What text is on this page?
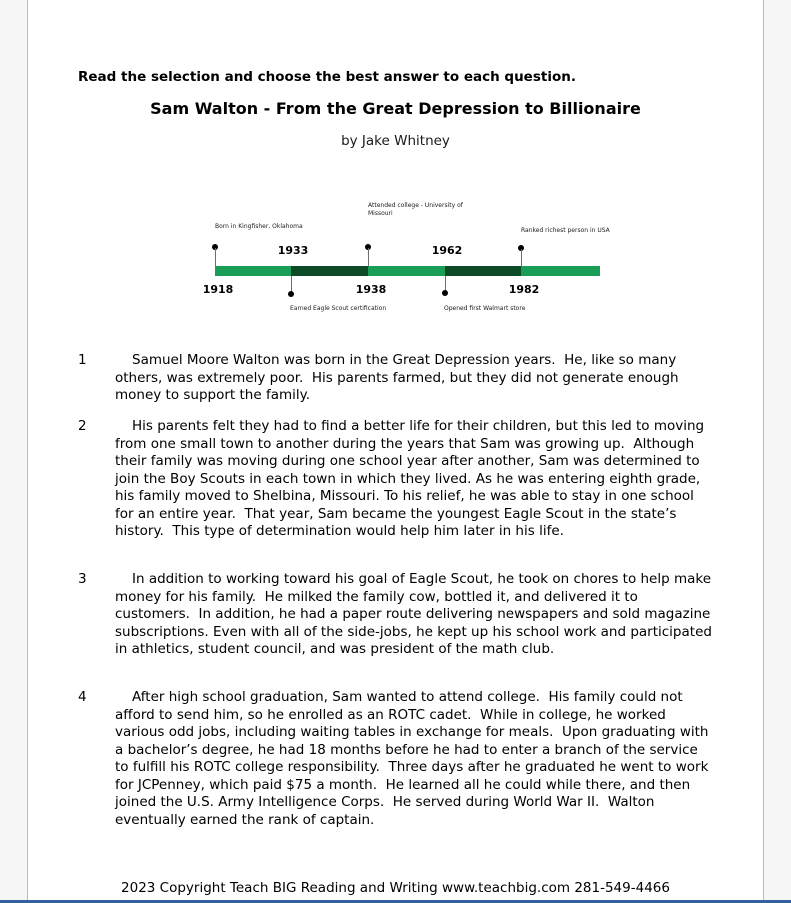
Read the selection and choose the best answer to each question.
Sam Walton - From the Great Depression to Billionaire
by Jake Whitney
Born in Kingfisher, Oklahoma
1918
1933
Earned Eagle Scout certification
Attended college - University of Missouri
1938
1962
Opened first Walmart store
Ranked richest person in USA
1982
1	Samuel Moore Walton was born in the Great Depression years.  He, like so many others, was extremely poor.  His parents farmed, but they did not generate enough money to support the family.
2	His parents felt they had to find a better life for their children, but this led to moving from one small town to another during the years that Sam was growing up.  Although their family was moving during one school year after another, Sam was determined to join the Boy Scouts in each town in which they lived. As he was entering eighth grade, his family moved to Shelbina, Missouri. To his relief, he was able to stay in one school for an entire year.  That year, Sam became the youngest Eagle Scout in the state’s history.  This type of determination would help him later in his life.
3	In addition to working toward his goal of Eagle Scout, he took on chores to help make money for his family.  He milked the family cow, bottled it, and delivered it to customers.  In addition, he had a paper route delivering newspapers and sold magazine subscriptions. Even with all of the side-jobs, he kept up his school work and participated in athletics, student council, and was president of the math club.
4	After high school graduation, Sam wanted to attend college.  His family could not afford to send him, so he enrolled as an ROTC cadet.  While in college, he worked various odd jobs, including waiting tables in exchange for meals.  Upon graduating with a bachelor’s degree, he had 18 months before he had to enter a branch of the service to fulfill his ROTC college responsibility.  Three days after he graduated he went to work for JCPenney, which paid $75 a month.  He learned all he could while there, and then joined the U.S. Army Intelligence Corps.  He served during World War II.  Walton eventually earned the rank of captain.
2023 Copyright Teach BIG Reading and Writing www.teachbig.com 281-549-4466
